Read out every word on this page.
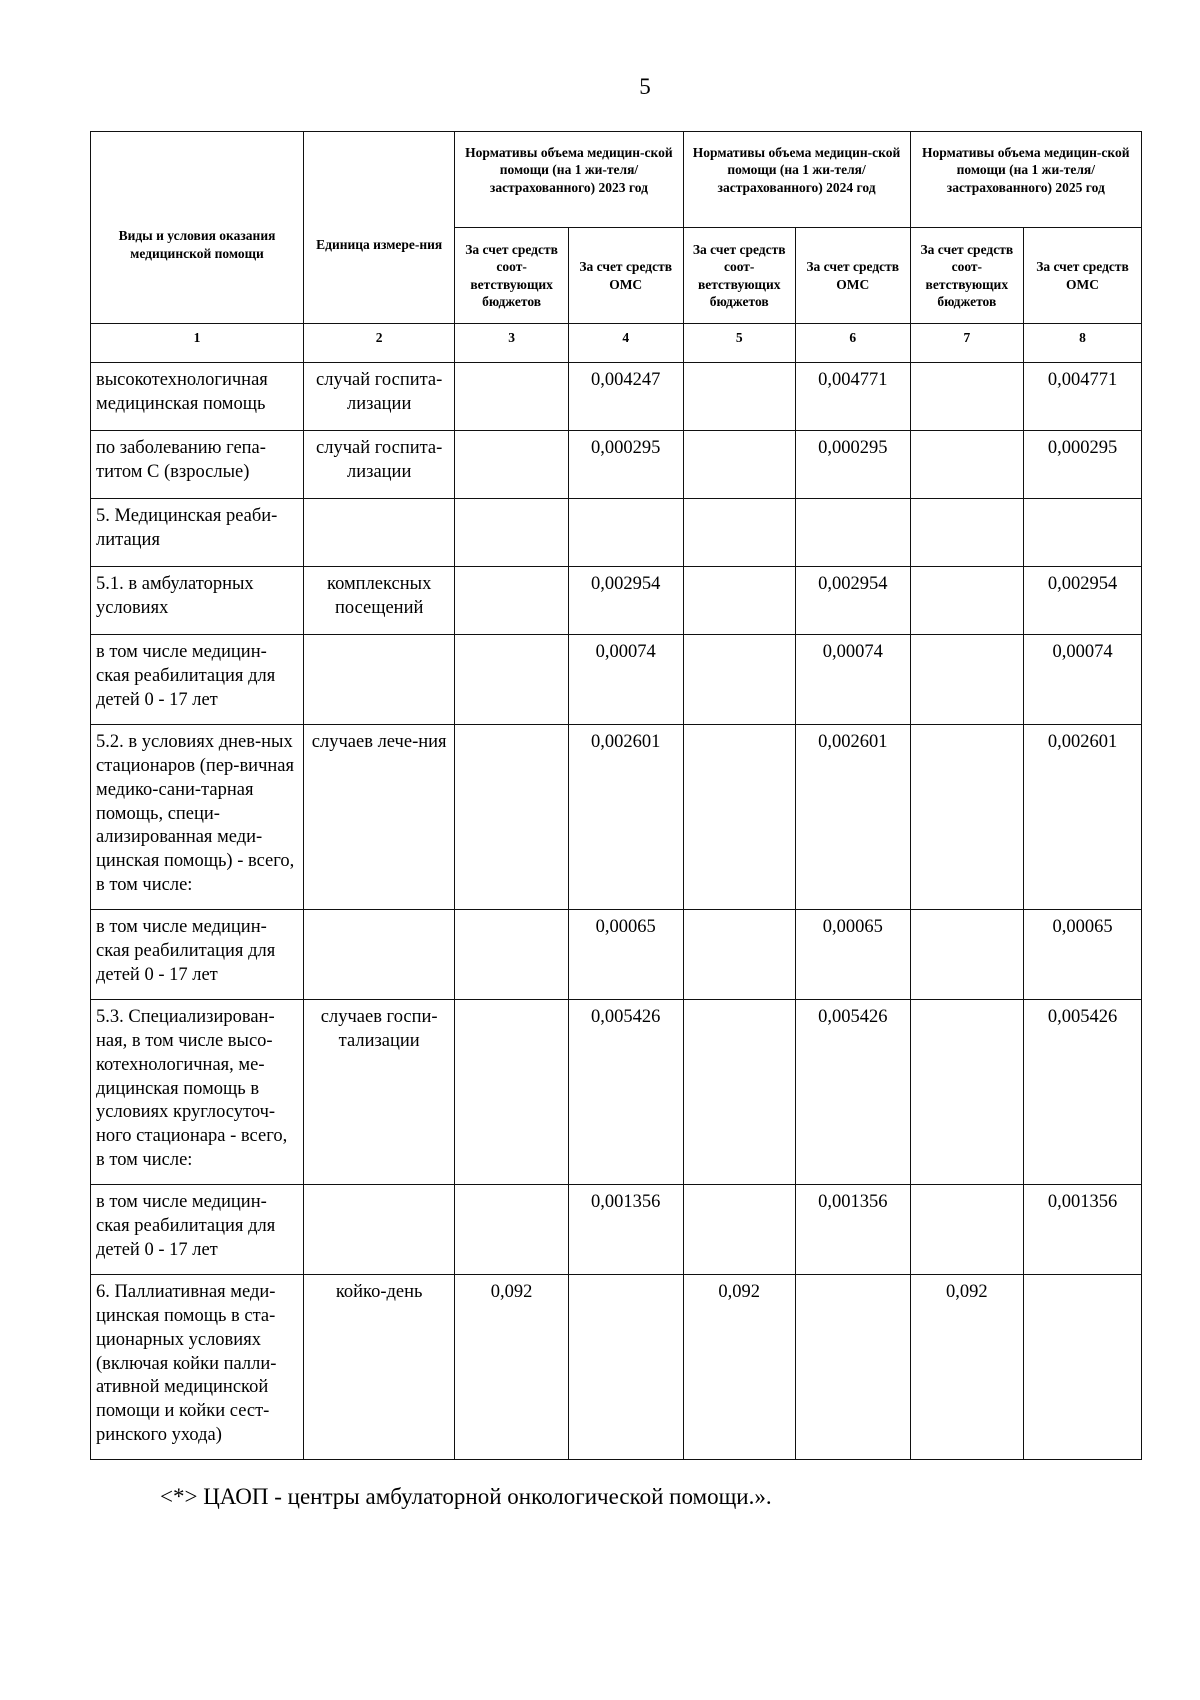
5
Виды и условия оказания медицинской помощи	Единица измере-ния	Нормативы объема медицин-ской помощи (на 1 жи-теля/застрахованного) 2023 год		Нормативы объема медицин-ской помощи (на 1 жи-теля/застрахованного) 2024 год		Нормативы объема медицин-ской помощи (на 1 жи-теля/застрахованного) 2025 год	
		За счет средств соот-ветствующих бюджетов	За счет средств ОМС	За счет средств соот-ветствующих бюджетов	За счет средств ОМС	За счет средств соот-ветствующих бюджетов	За счет средств ОМС
1	2	3	4	5	6	7	8
высокотехнологичная медицинская помощь	случай госпита-лизации		0,004247		0,004771		0,004771
по заболеванию гепа-титом С (взрослые)	случай госпита-лизации		0,000295		0,000295		0,000295
5. Медицинская реаби-литация							
5.1. в амбулаторных условиях	комплексных посещений		0,002954		0,002954		0,002954
в том числе медицин-ская реабилитация для детей 0 - 17 лет			0,00074		0,00074		0,00074
5.2. в условиях днев-ных стационаров (пер-вичная медико-сани-тарная помощь, специ-ализированная меди-цинская помощь) - всего, в том числе:	случаев лече-ния		0,002601		0,002601		0,002601
в том числе медицин-ская реабилитация для детей 0 - 17 лет			0,00065		0,00065		0,00065
5.3. Специализирован-ная, в том числе высо-котехнологичная, ме-дицинская помощь в условиях круглосуточ-ного стационара - всего, в том числе:	случаев госпи-тализации		0,005426		0,005426		0,005426
в том числе медицин-ская реабилитация для детей 0 - 17 лет			0,001356		0,001356		0,001356
6. Паллиативная меди-цинская помощь в ста-ционарных условиях (включая койки палли-ативной медицинской помощи и койки сест-ринского ухода)	койко-день	0,092		0,092		0,092	
<*> ЦАОП - центры амбулаторной онкологической помощи.».
